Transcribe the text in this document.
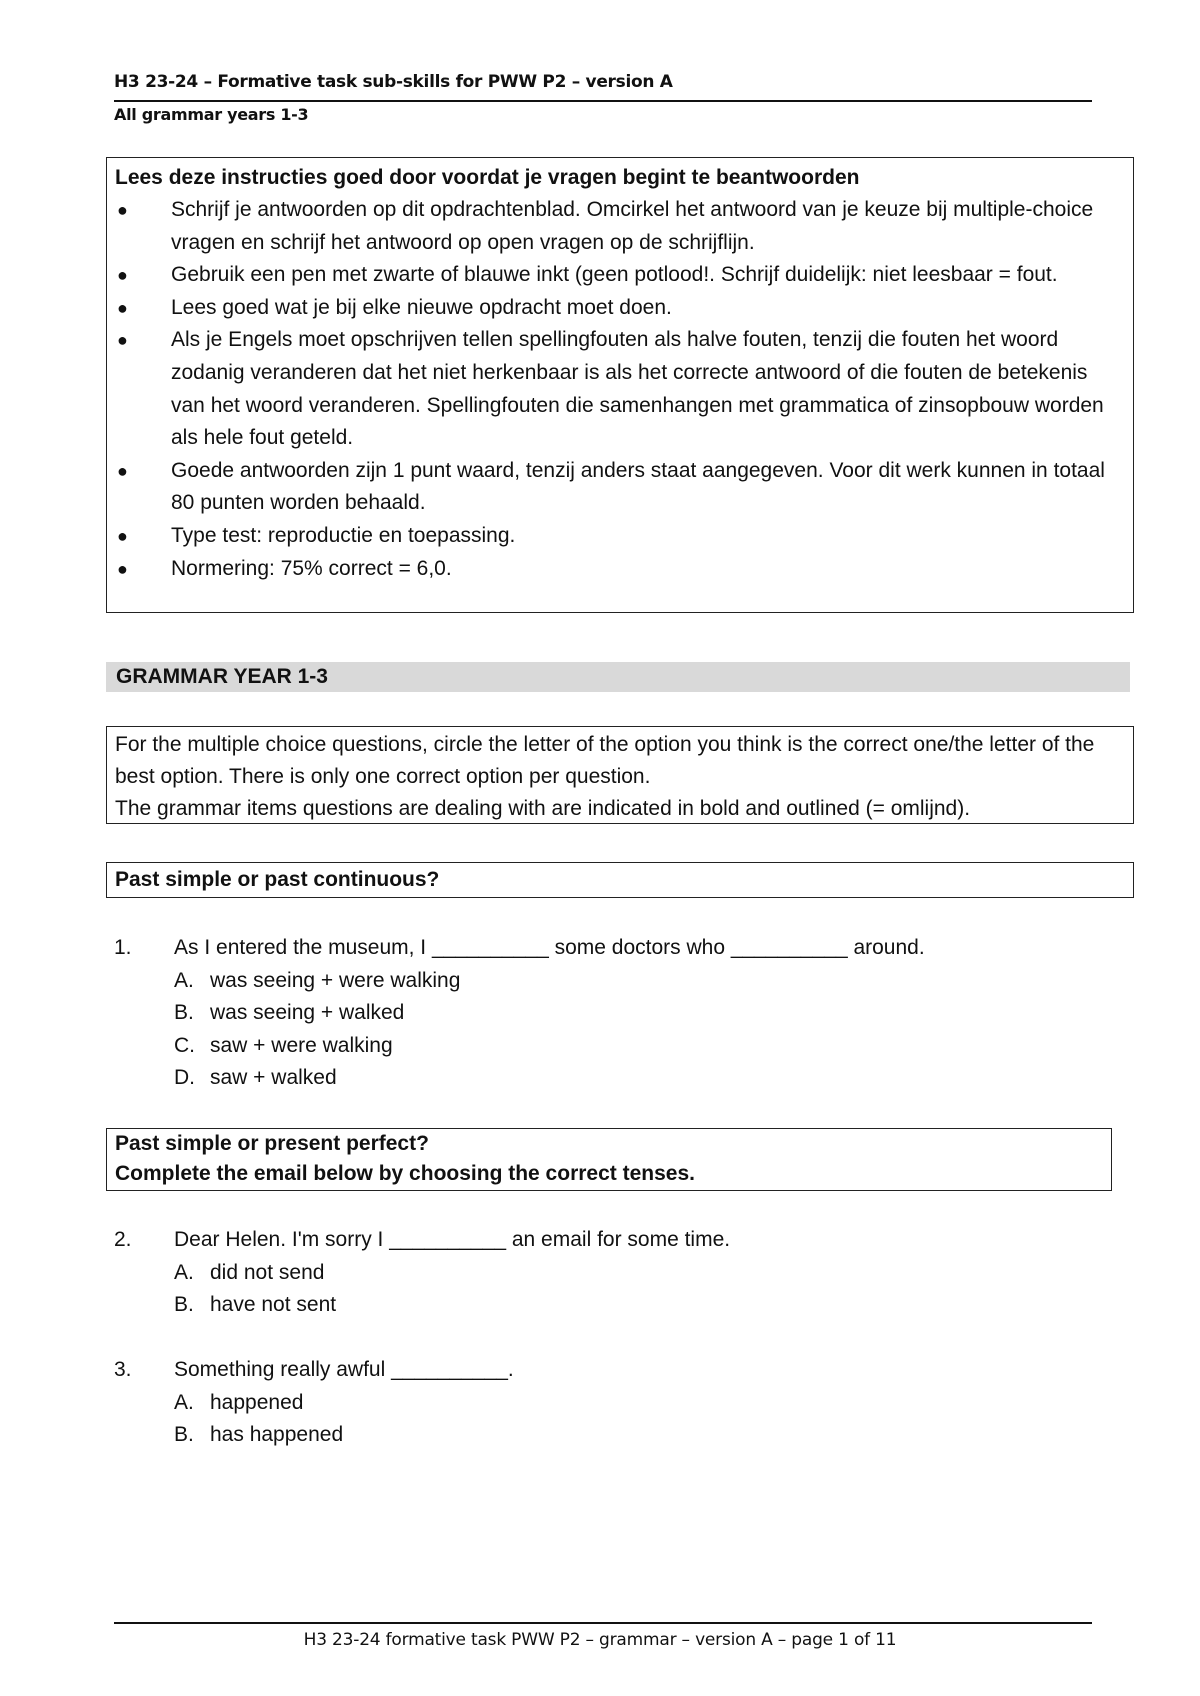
H3 23-24 – Formative task sub-skills for PWW P2 – version A
All grammar years 1-3

Lees deze instructies goed door voordat je vragen begint te beantwoorden

● Schrijf je antwoorden op dit opdrachtenblad. Omcirkel het antwoord van je keuze bij multiple-choice vragen en schrijf het antwoord op open vragen op de schrijflijn.
● Gebruik een pen met zwarte of blauwe inkt (geen potlood!. Schrijf duidelijk: niet leesbaar = fout.
● Lees goed wat je bij elke nieuwe opdracht moet doen.
● Als je Engels moet opschrijven tellen spellingfouten als halve fouten, tenzij die fouten het woord zodanig veranderen dat het niet herkenbaar is als het correcte antwoord of die fouten de betekenis van het woord veranderen. Spellingfouten die samenhangen met grammatica of zinsopbouw worden als hele fout geteld.
● Goede antwoorden zijn 1 punt waard, tenzij anders staat aangegeven. Voor dit werk kunnen in totaal 80 punten worden behaald.
● Type test: reproductie en toepassing.
● Normering: 75% correct = 6,0.
GRAMMAR YEAR 1-3
For the multiple choice questions, circle the letter of the option you think is the correct one/the letter of the best option. There is only one correct option per question.
The grammar items questions are dealing with are indicated in bold and outlined (= omlijnd).
Past simple or past continuous?
1.	As I entered the museum, I __________ some doctors who __________ around.
A. was seeing + were walking
B. was seeing + walked
C. saw + were walking
D. saw + walked
Past simple or present perfect?
Complete the email below by choosing the correct tenses.
2.	Dear Helen. I'm sorry I __________ an email for some time.
A. did not send
B. have not sent
3.	Something really awful __________.
A. happened
B. has happened
H3 23-24 formative task PWW P2 – grammar – version A – page 1 of 11
